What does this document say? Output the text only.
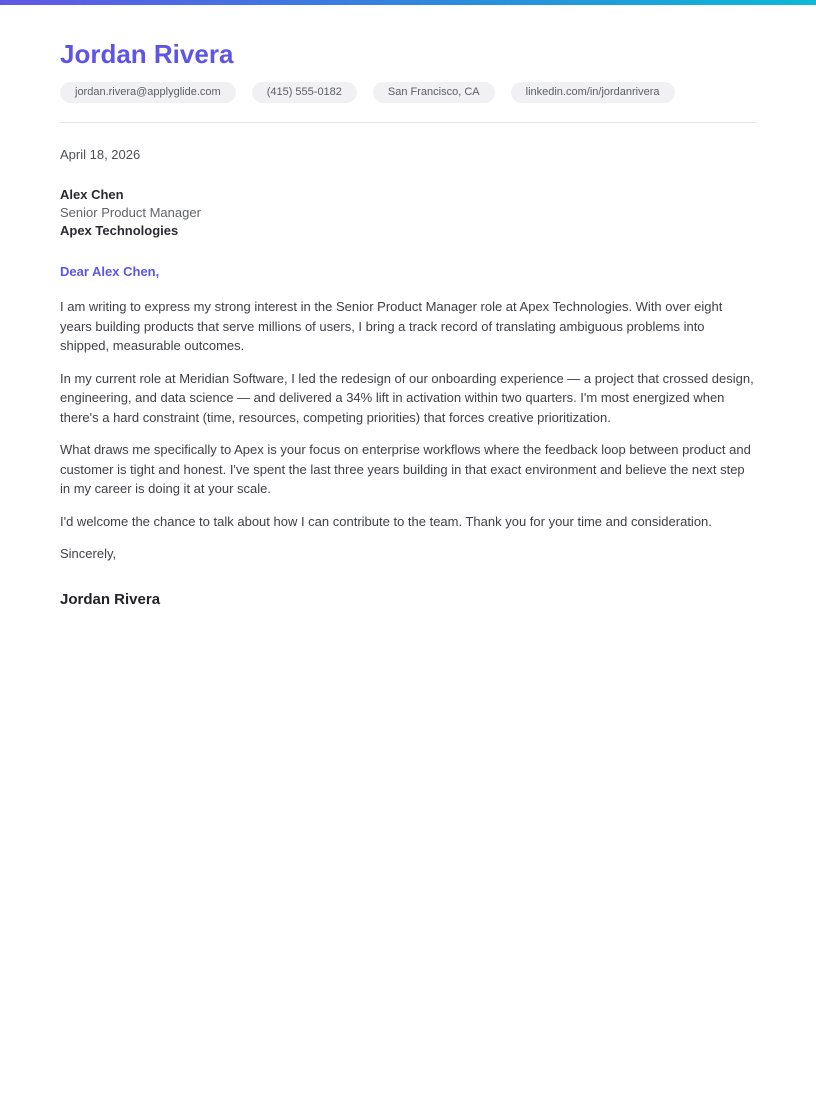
Jordan Rivera
jordan.rivera@applyglide.com	(415) 555-0182	San Francisco, CA	linkedin.com/in/jordanrivera
April 18, 2026
Alex Chen
Senior Product Manager
Apex Technologies
Dear Alex Chen,

I am writing to express my strong interest in the Senior Product Manager role at Apex Technologies. With over eight years building products that serve millions of users, I bring a track record of translating ambiguous problems into shipped, measurable outcomes.

In my current role at Meridian Software, I led the redesign of our onboarding experience — a project that crossed design, engineering, and data science — and delivered a 34% lift in activation within two quarters. I'm most energized when there's a hard constraint (time, resources, competing priorities) that forces creative prioritization.

What draws me specifically to Apex is your focus on enterprise workflows where the feedback loop between product and customer is tight and honest. I've spent the last three years building in that exact environment and believe the next step in my career is doing it at your scale.

I'd welcome the chance to talk about how I can contribute to the team. Thank you for your time and consideration.

Sincerely,
Jordan Rivera
